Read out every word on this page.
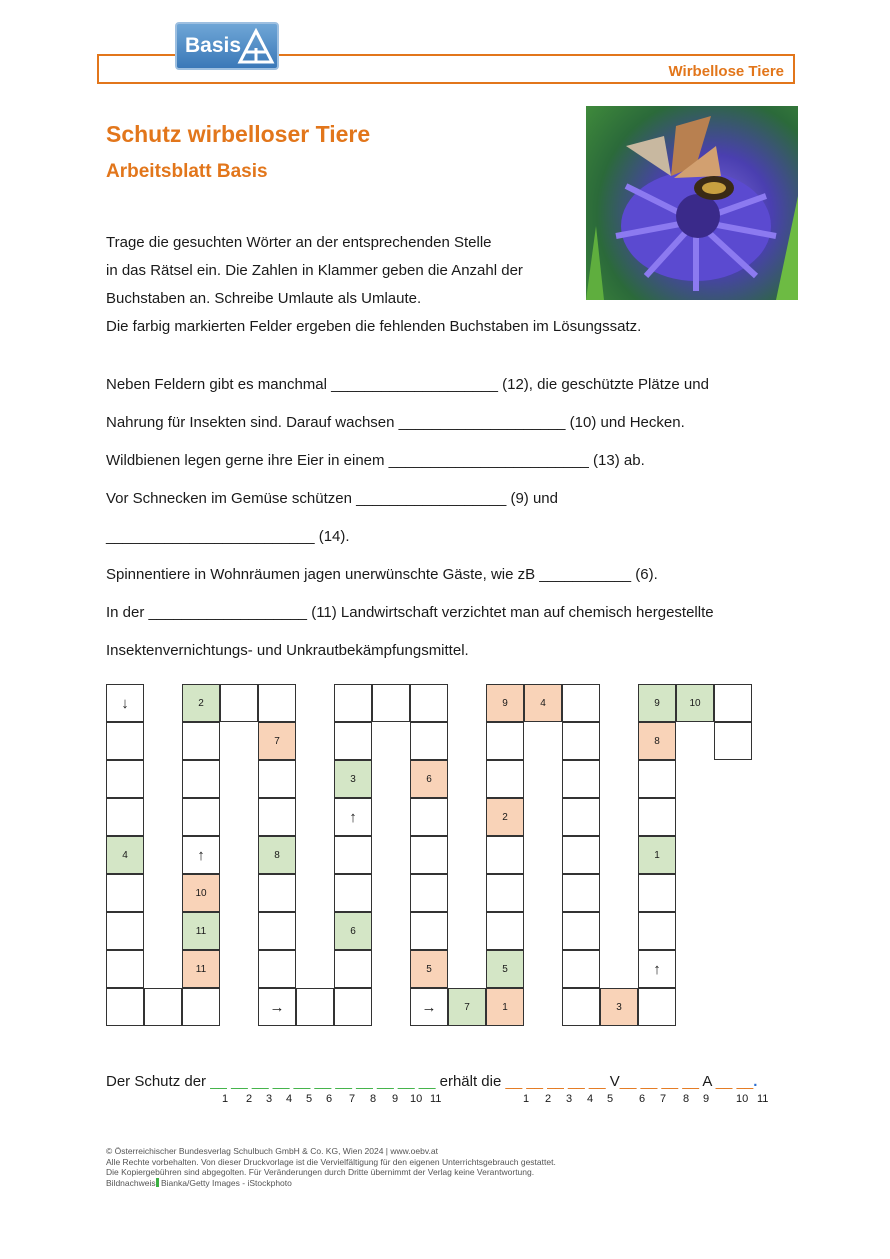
Basis
Wirbellose Tiere
Schutz wirbelloser Tiere
Arbeitsblatt Basis
Trage die gesuchten Wörter an der entsprechenden Stelle
in das Rätsel ein. Die Zahlen in Klammer geben die Anzahl der
Buchstaben an. Schreibe Umlaute als Umlaute.
Die farbig markierten Felder ergeben die fehlenden Buchstaben im Lösungssatz.
Neben Feldern gibt es manchmal ____________________ (12), die geschützte Plätze und
Nahrung für Insekten sind. Darauf wachsen ____________________ (10) und Hecken.
Wildbienen legen gerne ihre Eier in einem ________________________ (13) ab.
Vor Schnecken im Gemüse schützen __________________ (9) und
_________________________ (14).
Spinnentiere in Wohnräumen jagen unerwünschte Gäste, wie zB ___________ (6).
In der ___________________ (11) Landwirtschaft verzichtet man auf chemisch hergestellte
Insektenvernichtungs- und Unkrautbekämpfungsmittel.
↓
4
2
↑
10
11
11
7
8
→
3
↑
6
6
5
→	7
9
2
5
1
4
3
9
8
1
↑
10
Der Schutz der __ __ __ __ __ __ __ __ __ __ __ erhält die __ __ __ __ __ V__ __ __ __ A __ __.
1 2 3 4 5 6 7 8 9 10 11	1 2 3 4 5 6 7 8 9 10 11
© Österreichischer Bundesverlag Schulbuch GmbH & Co. KG, Wien 2024 | www.oebv.at
Alle Rechte vorbehalten. Von dieser Druckvorlage ist die Vervielfältigung für den eigenen Unterrichtsgebrauch gestattet.
Die Kopiergebühren sind abgegolten. Für Veränderungen durch Dritte übernimmt der Verlag keine Verantwortung.
Bildnachweis Bianka/Getty Images - iStockphoto
